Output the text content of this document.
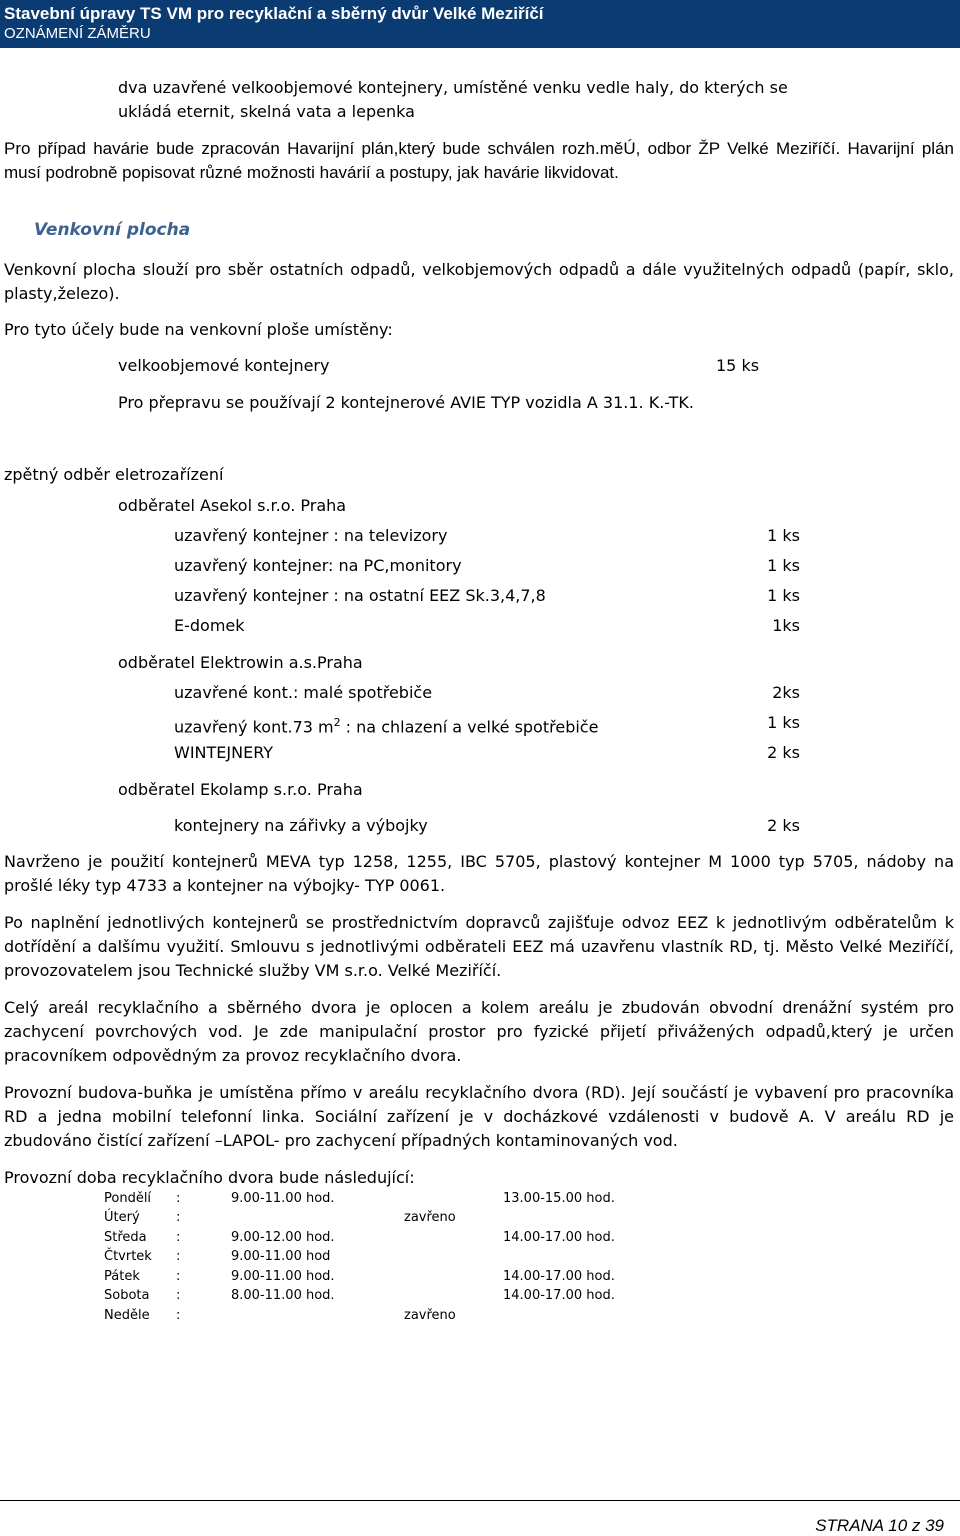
Stavební úpravy TS VM pro recyklační a sběrný dvůr Velké Meziříčí
OZNÁMENÍ ZÁMĚRU
dva uzavřené velkoobjemové kontejnery, umístěné venku vedle haly, do kterých se
ukládá eternit, skelná vata a lepenka
Pro případ havárie bude zpracován Havarijní plán,který bude schválen rozh.měÚ, odbor ŽP Velké Meziříčí. Havarijní plán musí podrobně popisovat různé možnosti havárií a postupy, jak havárie likvidovat.
Venkovní plocha
Venkovní plocha slouží pro sběr ostatních odpadů, velkobjemových odpadů a dále využitelných odpadů (papír, sklo, plasty,železo).
Pro tyto účely bude na venkovní ploše umístěny:
velkoobjemové kontejnery	15 ks
Pro přepravu se používají 2 kontejnerové AVIE TYP vozidla A 31.1. K.-TK.
zpětný odběr eletrozařízení
odběratel Asekol s.r.o. Praha
uzavřený kontejner : na televizory	1 ks
uzavřený kontejner: na PC,monitory	1 ks
uzavřený kontejner : na ostatní EEZ Sk.3,4,7,8	1 ks
E-domek	1ks
odběratel Elektrowin a.s.Praha
uzavřené kont.: malé spotřebiče	2ks
uzavřený kont.73 $m^2$ : na chlazení a velké spotřebiče	1 ks
WINTEJNERY	2 ks
odběratel Ekolamp s.r.o. Praha
kontejnery na zářivky a výbojky	2 ks
Navrženo je použití kontejnerů MEVA typ 1258, 1255, IBC 5705, plastový kontejner M 1000 typ 5705, nádoby na prošlé léky typ 4733 a kontejner na výbojky- TYP 0061.
Po naplnění jednotlivých kontejnerů se prostřednictvím dopravců zajišťuje odvoz EEZ k jednotlivým odběratelům k dotřídění a dalšímu využití. Smlouvu s jednotlivými odběrateli EEZ má uzavřenu vlastník RD, tj. Město Velké Meziříčí, provozovatelem jsou Technické služby VM s.r.o. Velké Meziříčí.
Celý areál recyklačního a sběrného dvora je oplocen a kolem areálu je zbudován obvodní drenážní systém pro zachycení povrchových vod. Je zde manipulační prostor pro fyzické přijetí přivážených odpadů,který je určen pracovníkem odpovědným za provoz recyklačního dvora.
Provozní budova-buňka je umístěna přímo v areálu recyklačního dvora (RD). Její součástí je vybavení pro pracovníka RD a jedna mobilní telefonní linka. Sociální zařízení je v docházkové vzdálenosti v budově A. V areálu RD je zbudováno čistící zařízení –LAPOL- pro zachycení případných kontaminovaných vod.
Provozní doba recyklačního dvora bude následující:
Pondělí :	9.00-11.00 hod.	13.00-15.00 hod.
Úterý	:	zavřeno
Středa :	9.00-12.00 hod.	14.00-17.00 hod.
Čtvrtek :	9.00-11.00 hod
Pátek	:	9.00-11.00 hod.	14.00-17.00 hod.
Sobota :	8.00-11.00 hod.	14.00-17.00 hod.
Neděle :	zavřeno
STRANA 10 z 39
